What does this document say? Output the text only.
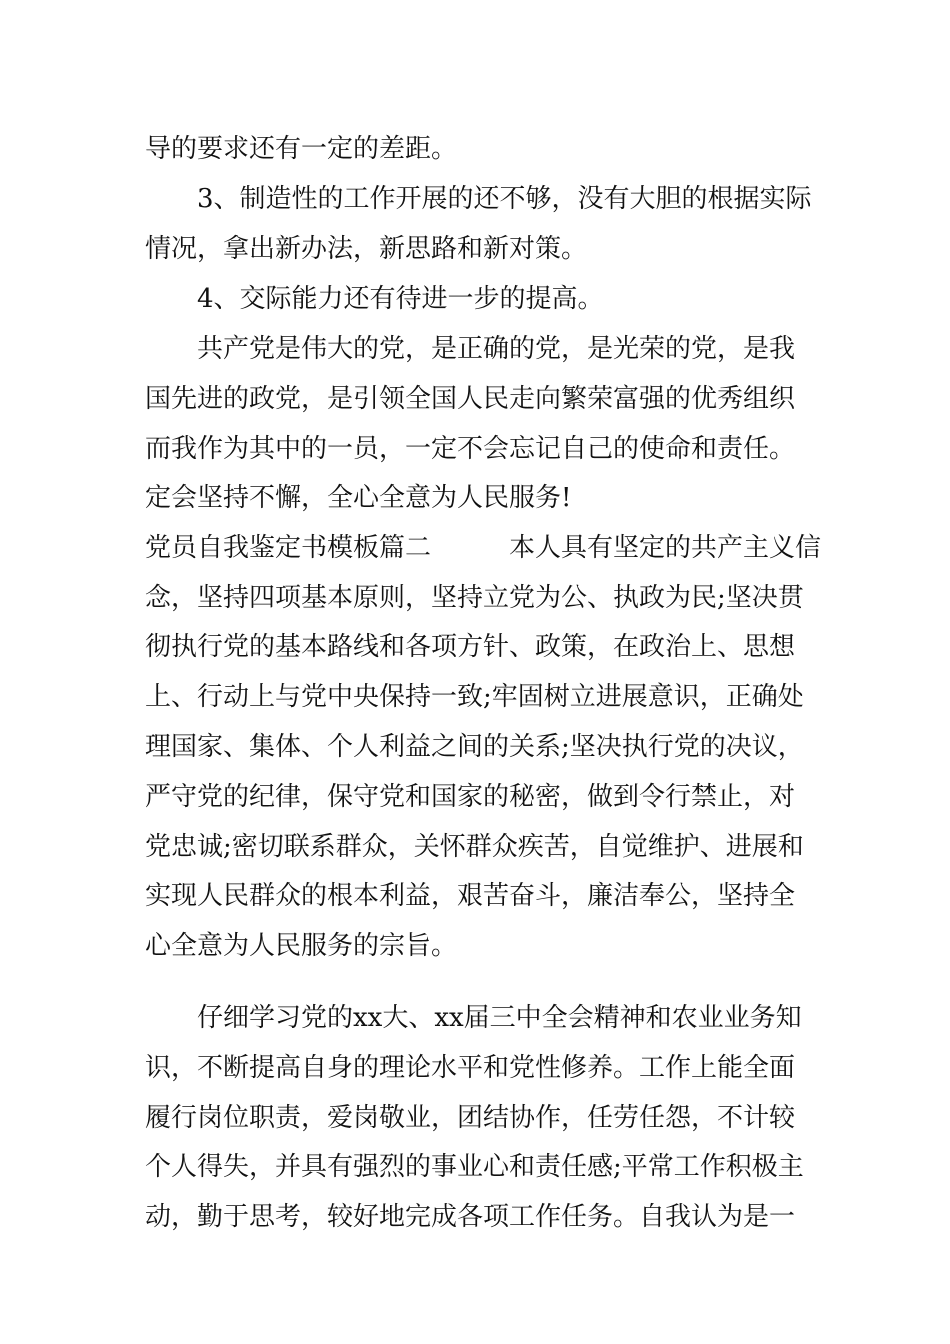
导的要求还有一定的差距。
　　3、制造性的工作开展的还不够，没有大胆的根据实际
情况，拿出新办法，新思路和新对策。
　　4、交际能力还有待进一步的提高。
　　共产党是伟大的党，是正确的党，是光荣的党，是我
国先进的政党，是引领全国人民走向繁荣富强的优秀组织
而我作为其中的一员，一定不会忘记自己的使命和责任。
定会坚持不懈，全心全意为人民服务!
党员自我鉴定书模板篇二　　　本人具有坚定的共产主义信
念，坚持四项基本原则，坚持立党为公、执政为民;坚决贯
彻执行党的基本路线和各项方针、政策，在政治上、思想
上、行动上与党中央保持一致;牢固树立进展意识，正确处
理国家、集体、个人利益之间的关系;坚决执行党的决议，
严守党的纪律，保守党和国家的秘密，做到令行禁止，对
党忠诚;密切联系群众，关怀群众疾苦，自觉维护、进展和
实现人民群众的根本利益，艰苦奋斗，廉洁奉公，坚持全
心全意为人民服务的宗旨。
　　仔细学习党的xx大、xx届三中全会精神和农业业务知
识，不断提高自身的理论水平和党性修养。工作上能全面
履行岗位职责，爱岗敬业，团结协作，任劳任怨，不计较
个人得失，并具有强烈的事业心和责任感;平常工作积极主
动，勤于思考，较好地完成各项工作任务。自我认为是一
